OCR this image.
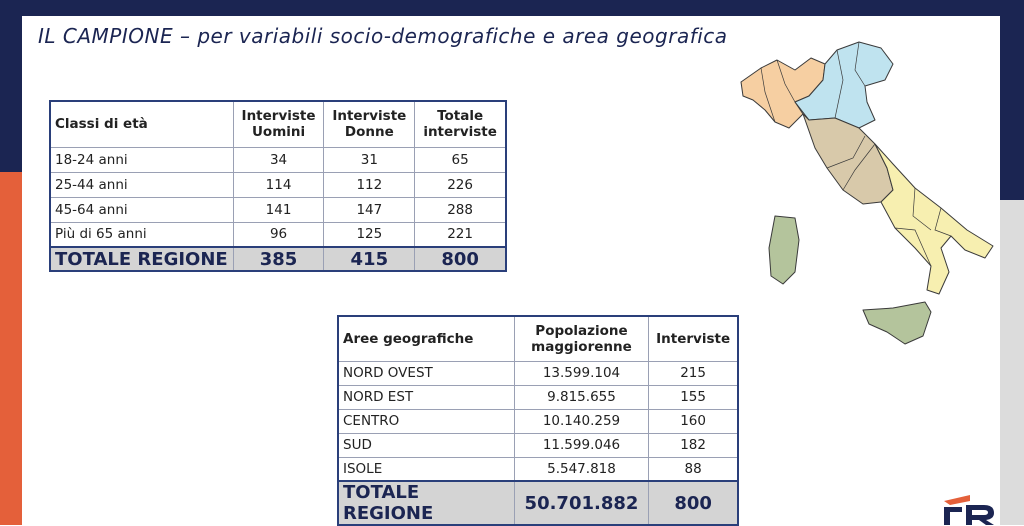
IL CAMPIONE – per variabili socio-demografiche e area geografica
Classi di età	Interviste Uomini	Interviste Donne	Totale interviste
18-24 anni	34	31	65
25-44 anni	114	112	226
45-64 anni	141	147	288
Più di 65 anni	96	125	221
TOTALE REGIONE	385	415	800
Aree geografiche	Popolazione maggiorenne	Interviste
NORD OVEST	13.599.104	215
NORD EST	9.815.655	155
CENTRO	10.140.259	160
SUD	11.599.046	182
ISOLE	5.547.818	88
TOTALE REGIONE	50.701.882	800
